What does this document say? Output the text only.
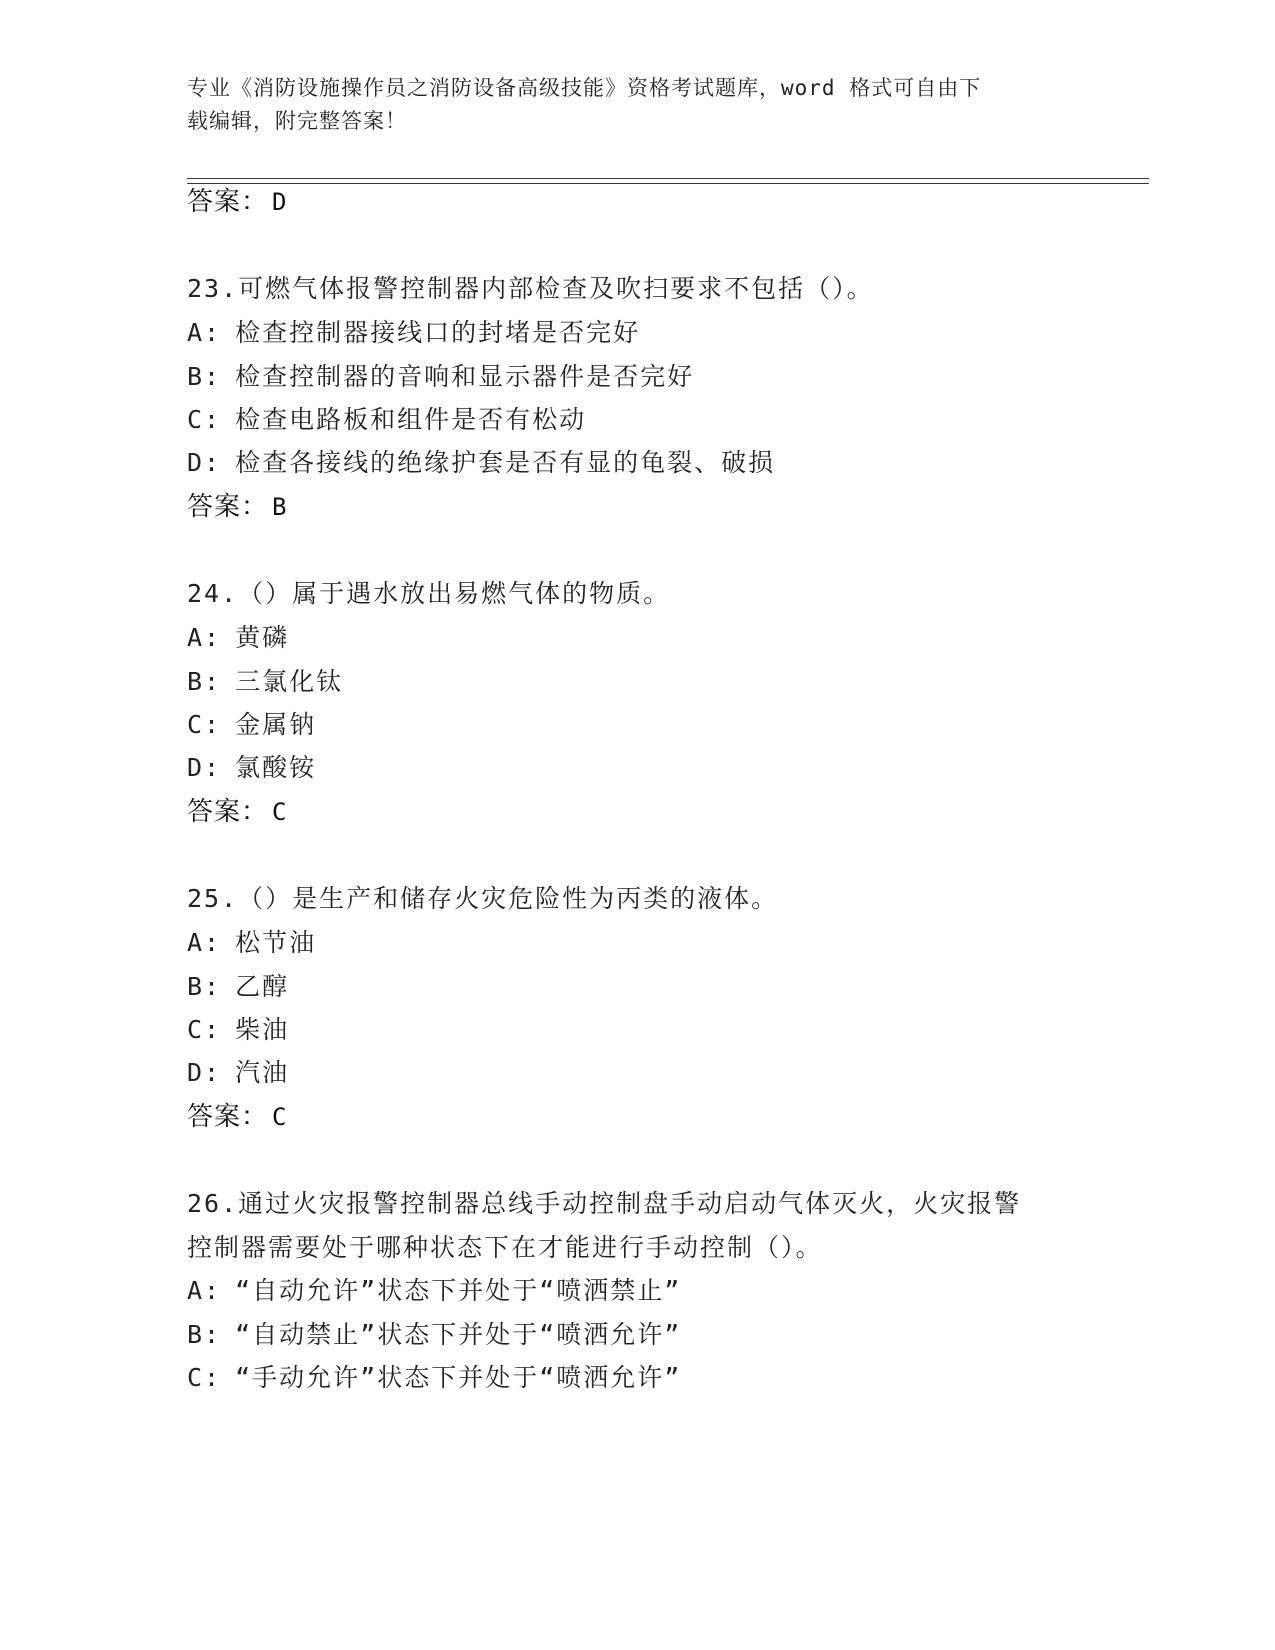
专业《消防设施操作员之消防设备高级技能》资格考试题库，word 格式可自由下
载编辑，附完整答案！
答案： D
23.可燃气体报警控制器内部检查及吹扫要求不包括（）。
A: 检查控制器接线口的封堵是否完好
B: 检查控制器的音响和显示器件是否完好
C: 检查电路板和组件是否有松动
D: 检查各接线的绝缘护套是否有显的龟裂、破损
答案： B
24.（）属于遇水放出易燃气体的物质。
A: 黄磷
B: 三氯化钛
C: 金属钠
D: 氯酸铵
答案： C
25.（）是生产和储存火灾危险性为丙类的液体。
A: 松节油
B: 乙醇
C: 柴油
D: 汽油
答案： C
26.通过火灾报警控制器总线手动控制盘手动启动气体灭火，火灾报警
控制器需要处于哪种状态下在才能进行手动控制（）。
A: “自动允许”状态下并处于“喷洒禁止”
B: “自动禁止”状态下并处于“喷洒允许”
C: “手动允许”状态下并处于“喷洒允许”
